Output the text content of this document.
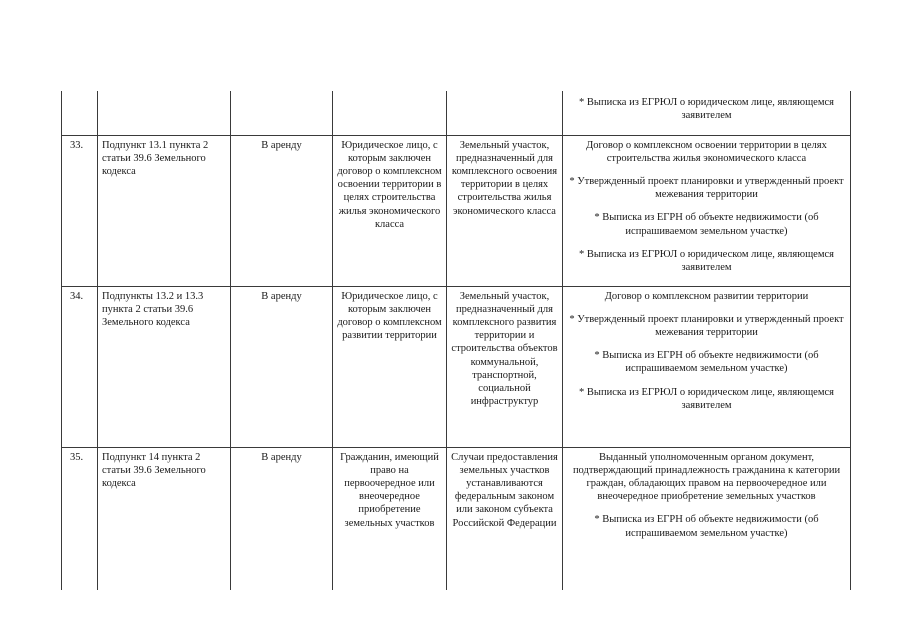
					* Выписка из ЕГРЮЛ о юридическом лице, являющемся заявителем

33.	Подпункт 13.1 пункта 2 статьи 39.6 Земельного кодекса	В аренду	Юридическое лицо, с которым заключен договор о комплексном освоении территории в целях строительства жилья экономического класса	Земельный участок, предназначенный для комплексного освоения территории в целях строительства жилья экономического класса	Договор о комплексном освоении территории в целях строительства жилья экономического класса
* Утвержденный проект планировки и утвержденный проект межевания территории
* Выписка из ЕГРН об объекте недвижимости (об испрашиваемом земельном участке)
* Выписка из ЕГРЮЛ о юридическом лице, являющемся заявителем

34.	Подпункты 13.2 и 13.3 пункта 2 статьи 39.6 Земельного кодекса	В аренду	Юридическое лицо, с которым заключен договор о комплексном развитии территории	Земельный участок, предназначенный для комплексного развития территории и строительства объектов коммунальной, транспортной, социальной инфраструктур	Договор о комплексном развитии территории
* Утвержденный проект планировки и утвержденный проект межевания территории
* Выписка из ЕГРН об объекте недвижимости (об испрашиваемом земельном участке)
* Выписка из ЕГРЮЛ о юридическом лице, являющемся заявителем

35.	Подпункт 14 пункта 2 статьи 39.6 Земельного кодекса	В аренду	Гражданин, имеющий право на первоочередное или внеочередное приобретение земельных участков	Случаи предоставления земельных участков устанавливаются федеральным законом или законом субъекта Российской Федерации	Выданный уполномоченным органом документ, подтверждающий принадлежность гражданина к категории граждан, обладающих правом на первоочередное или внеочередное приобретение земельных участков
* Выписка из ЕГРН об объекте недвижимости (об испрашиваемом земельном участке)
